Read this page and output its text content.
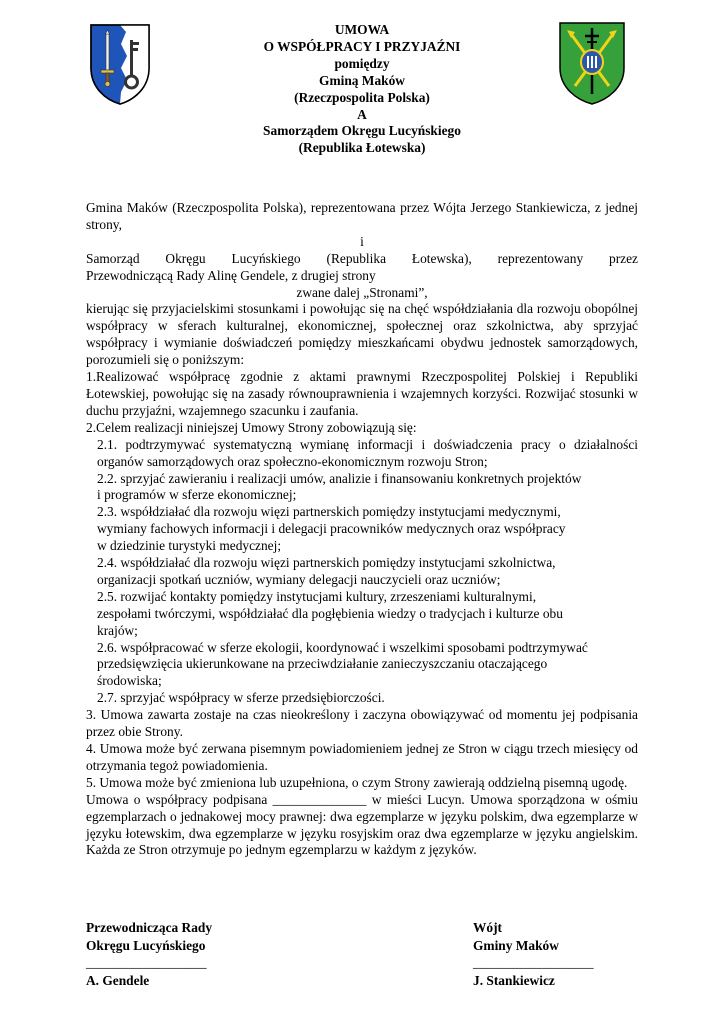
UMOWA
O WSPÓŁPRACY I PRZYJAŹNI
pomiędzy
Gminą Maków
(Rzeczpospolita Polska)
A
Samorządem Okręgu Lucyńskiego
(Republika Łotewska)

Gmina Maków (Rzeczpospolita Polska), reprezentowana przez Wójta Jerzego Stankiewicza, z jednej strony,

i

Samorząd Okręgu Lucyńskiego (Republika Łotewska), reprezentowany przez

Przewodniczącą Rady Alinę Gendele, z drugiej strony

zwane dalej „Stronami”,

kierując się przyjacielskimi stosunkami i powołując się na chęć współdziałania dla rozwoju obopólnej współpracy w sferach kulturalnej, ekonomicznej, społecznej oraz szkolnictwa, aby sprzyjać współpracy i wymianie doświadczeń pomiędzy mieszkańcami obydwu jednostek samorządowych, porozumieli się o poniższym:

1.Realizować współpracę zgodnie z aktami prawnymi Rzeczpospolitej Polskiej i Republiki Łotewskiej, powołując się na zasady równouprawnienia i wzajemnych korzyści. Rozwijać stosunki w duchu przyjaźni, wzajemnego szacunku i zaufania.

2.Celem realizacji niniejszej Umowy Strony zobowiązują się:

2.1. podtrzymywać systematyczną wymianę informacji i doświadczenia pracy o działalności organów samorządowych oraz społeczno-ekonomicznym rozwoju Stron;

2.2. sprzyjać zawieraniu i realizacji umów, analizie i finansowaniu konkretnych projektów

i programów w sferze ekonomicznej;

2.3. współdziałać dla rozwoju więzi partnerskich pomiędzy instytucjami medycznymi,

wymiany fachowych informacji i delegacji pracowników medycznych oraz współpracy

w dziedzinie turystyki medycznej;

2.4. współdziałać dla rozwoju więzi partnerskich pomiędzy instytucjami szkolnictwa,

organizacji spotkań uczniów, wymiany delegacji nauczycieli oraz uczniów;

2.5. rozwijać kontakty pomiędzy instytucjami kultury, zrzeszeniami kulturalnymi,

zespołami twórczymi, współdziałać dla pogłębienia wiedzy o tradycjach i kulturze obu

krajów;

2.6. współpracować w sferze ekologii, koordynować i wszelkimi sposobami podtrzymywać

przedsięwzięcia ukierunkowane na przeciwdziałanie zanieczyszczaniu otaczającego

środowiska;

2.7. sprzyjać współpracy w sferze przedsiębiorczości.

3. Umowa zawarta zostaje na czas nieokreślony i zaczyna obowiązywać od momentu jej podpisania przez obie Strony.

4. Umowa może być zerwana pisemnym powiadomieniem jednej ze Stron w ciągu trzech miesięcy od otrzymania tegoż powiadomienia.

5. Umowa może być zmieniona lub uzupełniona, o czym Strony zawierają oddzielną pisemną ugodę.

Umowa o współpracy podpisana ______________ w mieści Lucyn. Umowa sporządzona w ośmiu egzemplarzach o jednakowej mocy prawnej: dwa egzemplarze w języku polskim, dwa egzemplarze w języku łotewskim, dwa egzemplarze w języku rosyjskim oraz dwa egzemplarze w języku angielskim. Każda ze Stron otrzymuje po jednym egzemplarzu w każdym z języków.

Przewodnicząca Rady
Okręgu Lucyńskiego
__________________
A. Gendele
Wójt
Gminy Maków
__________________
J. Stankiewicz
